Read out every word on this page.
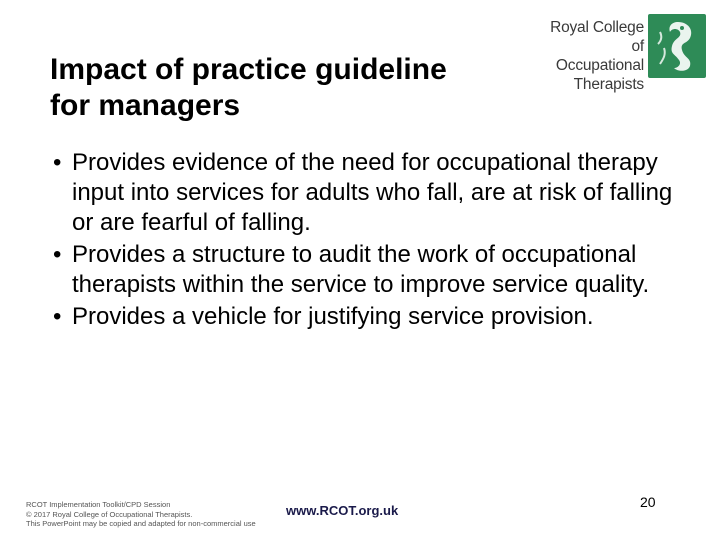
Royal College of
Occupational
Therapists
Impact of practice guideline
for managers
• Provides evidence of the need for occupational therapy input into services for adults who fall, are at risk of falling or are fearful of falling.
• Provides a structure to audit the work of occupational therapists within the service to improve service quality.
• Provides a vehicle for justifying service provision.
RCOT Implementation Toolkit/CPD Session
© 2017 Royal College of Occupational Therapists.
This PowerPoint may be copied and adapted for non-commercial use
www.RCOT.org.uk
20
